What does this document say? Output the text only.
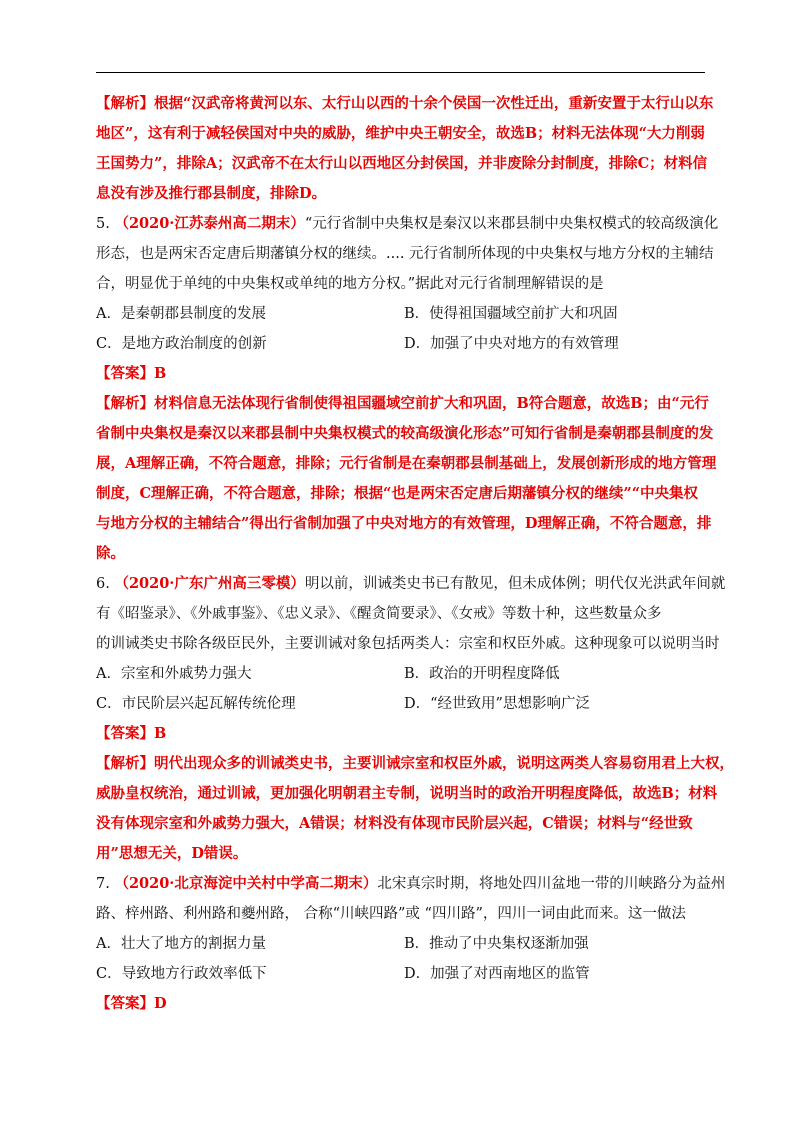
【解析】根据“汉武帝将黄河以东、太行山以西的十余个侯国一次性迁出，重新安置于太行山以东
地区”，这有利于减轻侯国对中央的威胁，维护中央王朝安全，故选B；材料无法体现“大力削弱
王国势力”，排除A；汉武帝不在太行山以西地区分封侯国，并非废除分封制度，排除C；材料信
息没有涉及推行郡县制度，排除D。
5. （2020·江苏泰州高二期末）“元行省制中央集权是秦汉以来郡县制中央集权模式的较高级演化
形态，也是两宋否定唐后期藩镇分权的继续。.... 元行省制所体现的中央集权与地方分权的主辅结
合，明显优于单纯的中央集权或单纯的地方分权。”据此对元行省制理解错误的是
A．是秦朝郡县制度的发展	B．使得祖国疆域空前扩大和巩固
C．是地方政治制度的创新	D．加强了中央对地方的有效管理
【答案】B
【解析】材料信息无法体现行省制使得祖国疆域空前扩大和巩固，B符合题意，故选B；由“元行
省制中央集权是秦汉以来郡县制中央集权模式的较高级演化形态”可知行省制是秦朝郡县制度的发
展，A理解正确，不符合题意，排除；元行省制是在秦朝郡县制基础上，发展创新形成的地方管理
制度，C理解正确，不符合题意，排除；根据“也是两宋否定唐后期藩镇分权的继续”“中央集权
与地方分权的主辅结合”得出行省制加强了中央对地方的有效管理，D理解正确，不符合题意，排
除。
6. （2020·广东广州高三零模）明以前，训诫类史书已有散见，但未成体例；明代仅光洪武年间就
有《昭鉴录》、《外戚事鉴》、《忠义录》、《醒贪简要录》、《女戒》等数十种，这些数量众多
的训诫类史书除各级臣民外，主要训诫对象包括两类人：宗室和权臣外戚。这种现象可以说明当时
A．宗室和外戚势力强大	B．政治的开明程度降低
C．市民阶层兴起瓦解传统伦理	D．“经世致用”思想影响广泛
【答案】B
【解析】明代出现众多的训诫类史书，主要训诫宗室和权臣外戚，说明这两类人容易窃用君上大权，
威胁皇权统治，通过训诫，更加强化明朝君主专制，说明当时的政治开明程度降低，故选B；材料
没有体现宗室和外戚势力强大，A错误；材料没有体现市民阶层兴起，C错误；材料与“经世致
用”思想无关，D错误。
7. （2020·北京海淀中关村中学高二期末）北宋真宗时期，将地处四川盆地一带的川峡路分为益州
路、梓州路、利州路和夔州路， 合称“川峡四路”或 “四川路”，四川一词由此而来。这一做法
A．壮大了地方的割据力量	B．推动了中央集权逐渐加强
C．导致地方行政效率低下	D．加强了对西南地区的监管
【答案】D
